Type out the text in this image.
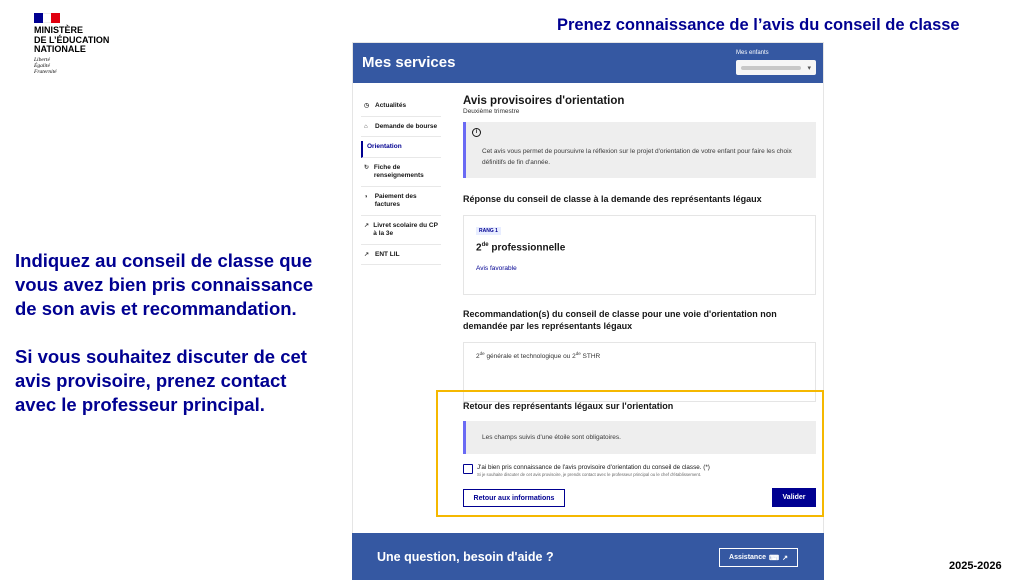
MINISTÈRE
DE L’ÉDUCATION
NATIONALE
Liberté
Égalité
Fraternité
Prenez connaissance de l’avis du conseil de classe

Indiquez au conseil de classe que vous avez bien pris connaissance de son avis et recommandation.

Si vous souhaitez discuter de cet avis provisoire, prenez contact avec le professeur principal.

2025-2026
Mes services
Mes enfants
▾
◷ Actualités
⌂	Demande de bourse
Orientation
↻ Fiche de renseignements
◑	Paiement des factures
↗ Livret scolaire du CP à la 3e
↗ ENT LIL
Avis provisoires d'orientation
Deuxième trimestre
i
Cet avis vous permet de poursuivre la réflexion sur le projet d'orientation de votre enfant pour faire les choix définitifs de fin d'année.
Réponse du conseil de classe à la demande des représentants légaux
RANG 1
2de professionnelle
Avis favorable
Recommandation(s) du conseil de classe pour une voie d'orientation non demandée par les représentants légaux
2de générale et technologique ou 2de STHR
Retour des représentants légaux sur l'orientation
Les champs suivis d'une étoile sont obligatoires.
J'ai bien pris connaissance de l'avis provisoire d'orientation du conseil de classe. (*)
Si je souhaite discuter de cet avis provisoire, je prends contact avec le professeur principal ou le chef d'établissement.
Retour aux informations	Valider
Une question, besoin d'aide ?	Assistance ⌨ ↗
